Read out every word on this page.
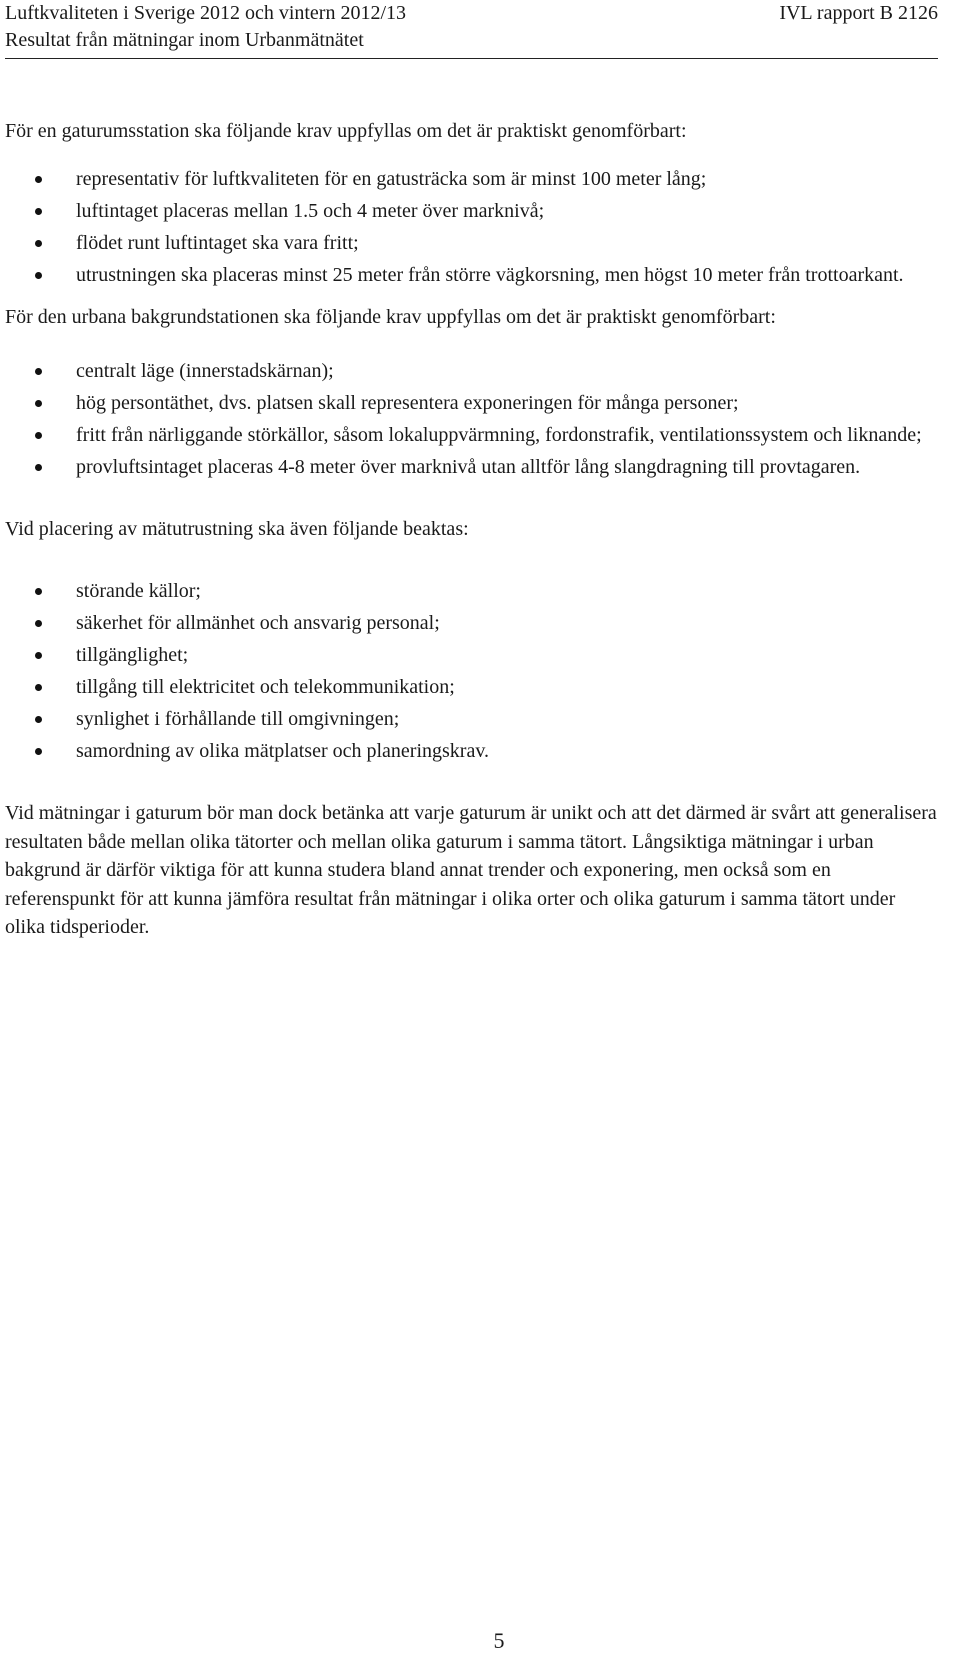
Luftkvaliteten i Sverige 2012 och vintern 2012/13	IVL rapport B 2126
Resultat från mätningar inom Urbanmätnätet

För en gaturumsstation ska följande krav uppfyllas om det är praktiskt genomförbart:

representativ för luftkvaliteten för en gatusträcka som är minst 100 meter lång;
luftintaget placeras mellan 1.5 och 4 meter över marknivå;
flödet runt luftintaget ska vara fritt;
utrustningen ska placeras minst 25 meter från större vägkorsning, men högst 10 meter från trottoarkant.

För den urbana bakgrundstationen ska följande krav uppfyllas om det är praktiskt genomförbart:

centralt läge (innerstadskärnan);
hög persontäthet, dvs. platsen skall representera exponeringen för många personer;
fritt från närliggande störkällor, såsom lokaluppvärmning, fordonstrafik, ventilationssystem och liknande;
provluftsintaget placeras 4-8 meter över marknivå utan alltför lång slangdragning till provtagaren.

Vid placering av mätutrustning ska även följande beaktas:

störande källor;
säkerhet för allmänhet och ansvarig personal;
tillgänglighet;
tillgång till elektricitet och telekommunikation;
synlighet i förhållande till omgivningen;
samordning av olika mätplatser och planeringskrav.

Vid mätningar i gaturum bör man dock betänka att varje gaturum är unikt och att det därmed är svårt att generalisera resultaten både mellan olika tätorter och mellan olika gaturum i samma tätort. Långsiktiga mätningar i urban bakgrund är därför viktiga för att kunna studera bland annat trender och exponering, men också som en referenspunkt för att kunna jämföra resultat från mätningar i olika orter och olika gaturum i samma tätort under olika tidsperioder.

5
